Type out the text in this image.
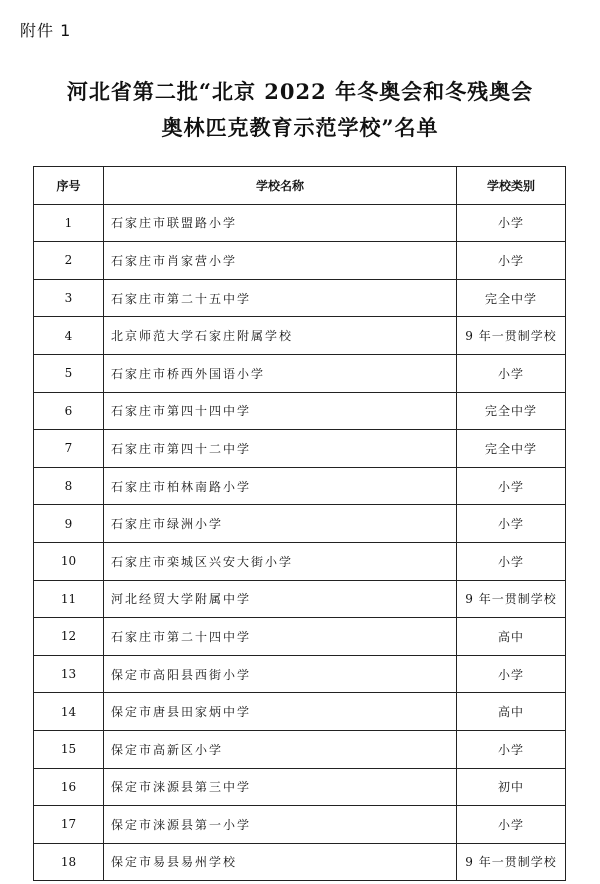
附件 1
河北省第二批“北京 2022 年冬奥会和冬残奥会
奥林匹克教育示范学校”名单
序号	学校名称	学校类别
1	石家庄市联盟路小学	小学
2	石家庄市肖家营小学	小学
3	石家庄市第二十五中学	完全中学
4	北京师范大学石家庄附属学校	9 年一贯制学校
5	石家庄市桥西外国语小学	小学
6	石家庄市第四十四中学	完全中学
7	石家庄市第四十二中学	完全中学
8	石家庄市柏林南路小学	小学
9	石家庄市绿洲小学	小学
10	石家庄市栾城区兴安大街小学	小学
11	河北经贸大学附属中学	9 年一贯制学校
12	石家庄市第二十四中学	高中
13	保定市高阳县西街小学	小学
14	保定市唐县田家炳中学	高中
15	保定市高新区小学	小学
16	保定市涞源县第三中学	初中
17	保定市涞源县第一小学	小学
18	保定市易县易州学校	9 年一贯制学校
